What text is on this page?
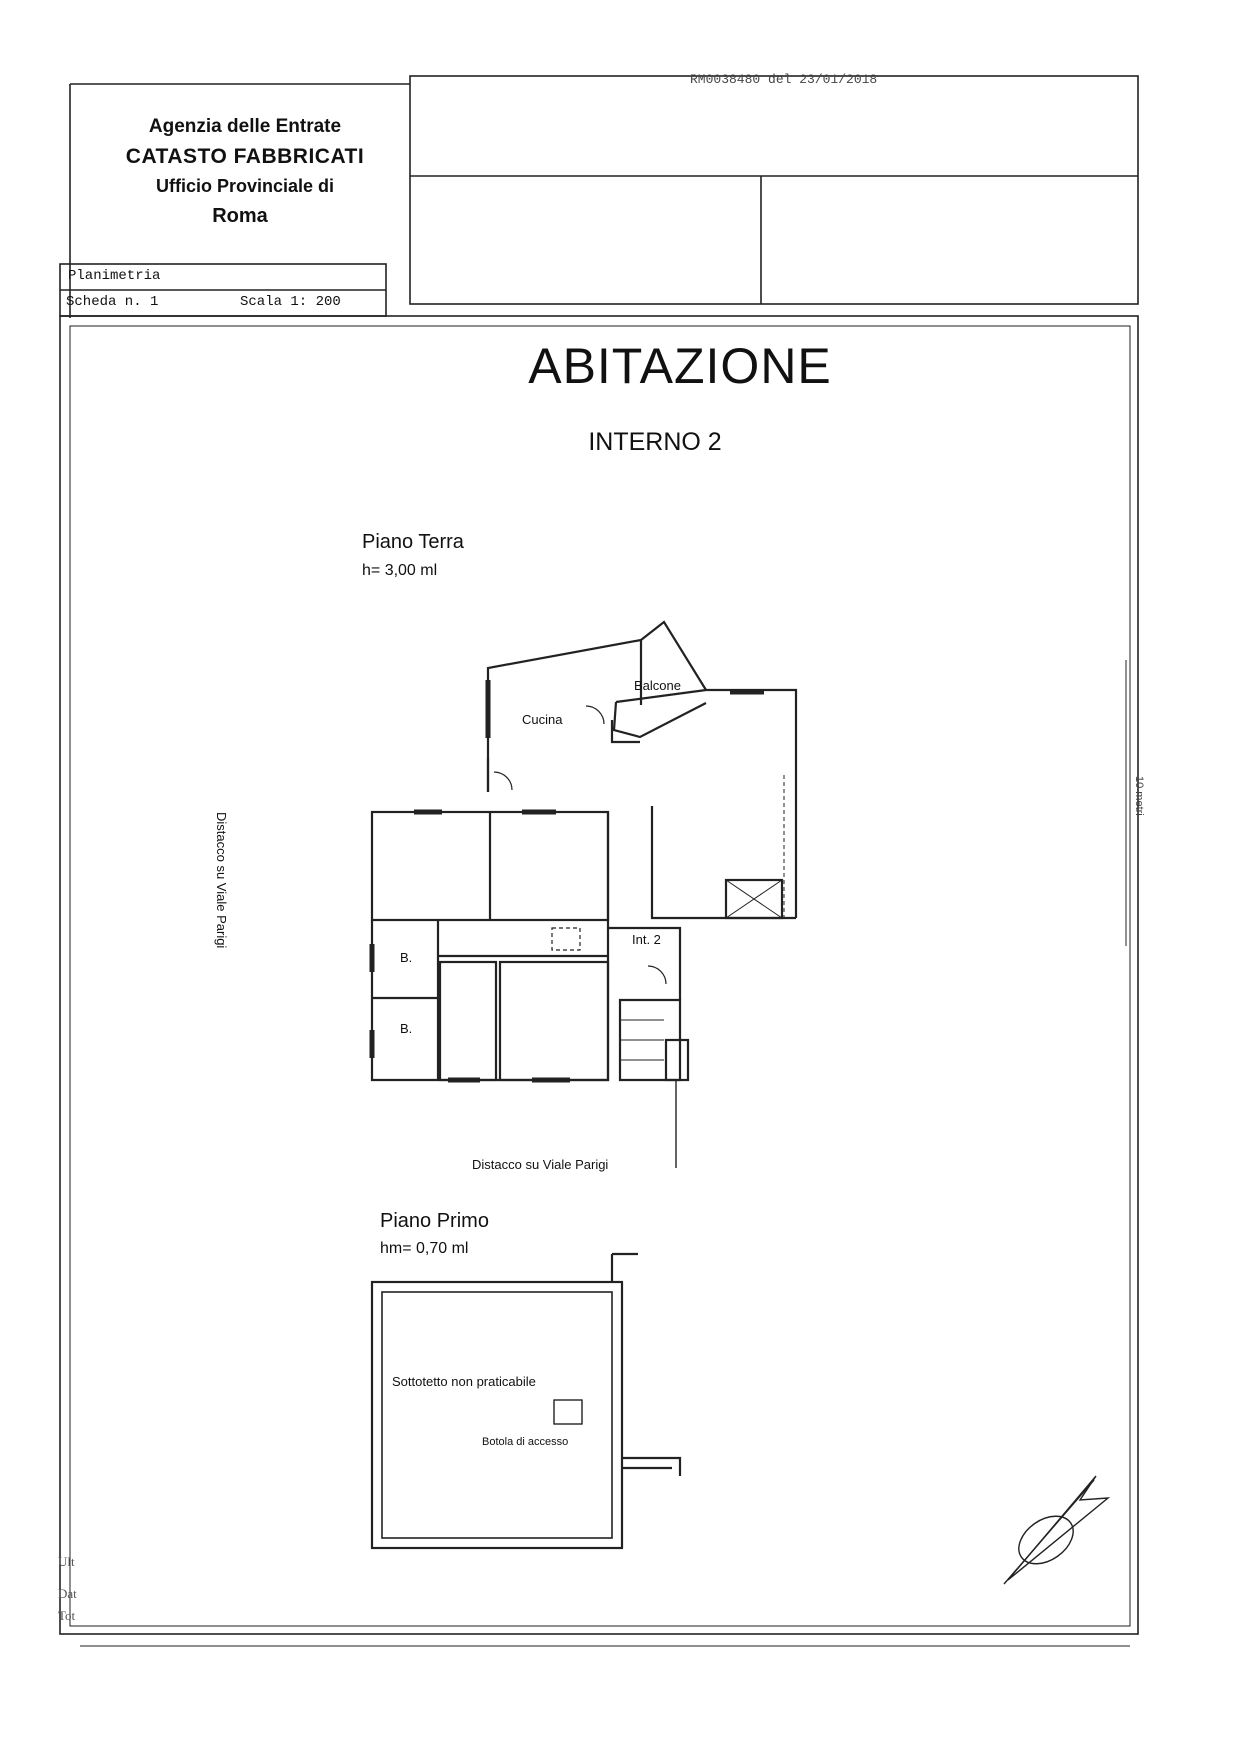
Agenzia delle Entrate
CATASTO FABBRICATI
Ufficio Provinciale di
Roma
RM0038480 del 23/01/2018
Planimetria
Scheda n. 1	Scala 1: 200
ABITAZIONE
INTERNO 2
Piano Terra
h= 3,00 ml
Cucina
Balcone
B.
B.
Int. 2
Distacco su Viale Parigi
Distacco su Viale Parigi
10 metri
Piano Primo
hm= 0,70 ml
Sottotetto non praticabile
Botola di accesso
Ult
Dat
Tot
